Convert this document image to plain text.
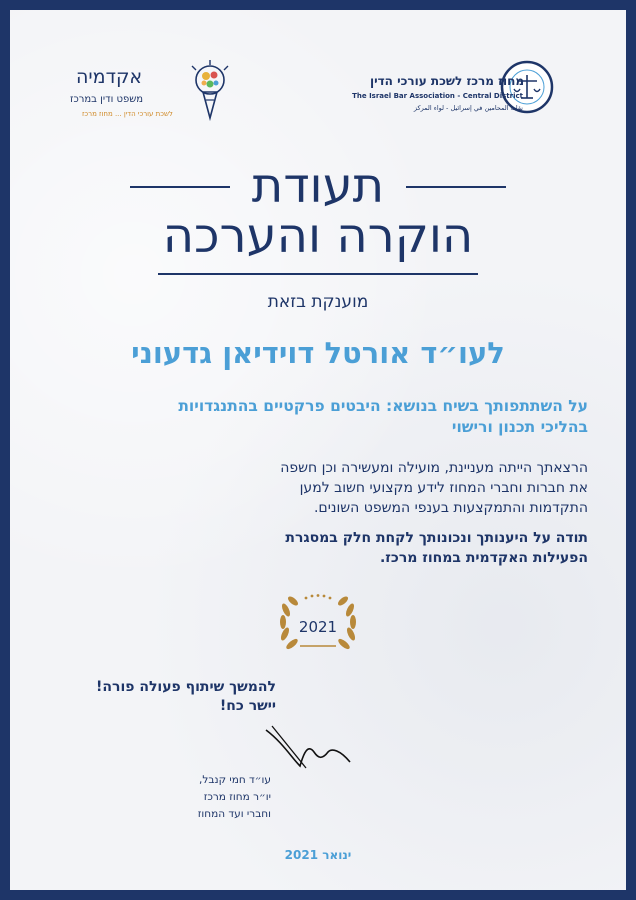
אקדמיה
משפט ודין במרכז
לשכת עורכי הדין ... מחוז מרכז
מחוז מרכז לשכת עורכי הדין
The Israel Bar Association - Central District
نقابة المحامين في إسرائيل - لواء المركز
תעודת
הוקרה והערכה
מוענקת בזאת
לעו״ד אורטל דוידיאן גדעוני
על השתתפותך בשיח בנושא: היבטים פרקטיים בהתנגדויות
בהליכי תכנון ורישוי
הרצאתך הייתה מעניינת, מועילה ומעשירה וכן חשפה
את חברות וחברי המחוז לידע מקצועי חשוב למען
התקדמות והתמקצעות בענפי המשפט השונים.
תודה על היענותך ונכונותך לקחת חלק במסגרת
הפעילות האקדמית במחוז מרכז.
2021
להמשך שיתוף פעולה פורה!
יישר כח!
עו״ד חמי קנבל,
יו״ר מחוז מרכז
וחברי ועד המחוז
ינואר 2021
